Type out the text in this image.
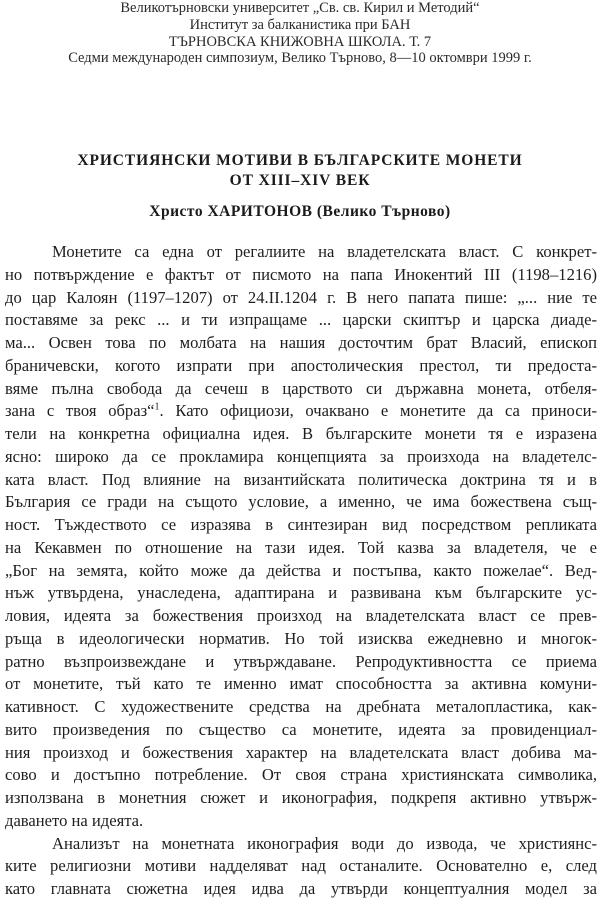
Великотърновски университет „Св. св. Кирил и Методий“
Институт за балканистика при БАН
ТЪРНОВСКА КНИЖОВНА ШКОЛА. Т. 7
Седми международен симпозиум, Велико Търново, 8—10 октомври 1999 г.
ХРИСТИЯНСКИ МОТИВИ В БЪЛГАРСКИТЕ МОНЕТИ
ОТ XIII–XIV ВЕК
Христо ХАРИТОНОВ (Велико Търново)
Монетите са една от регалиите на владетелската власт. С конкрет-
но потвърждение е фактът от писмото на папа Инокентий III (1198–1216)
до цар Калоян (1197–1207) от 24.II.1204 г. В него папата пише: „... ние те
поставяме за рекс ... и ти изпращаме ... царски скиптър и царска диаде-
ма... Освен това по молбата на нашия досточтим брат Власий, епископ
браничевски, когото изпрати при апостолическия престол, ти предоста-
вяме пълна свобода да сечеш в царството си държавна монета, отбеля-
зана с твоя образ“$^1$. Като официози, очаквано е монетите да са приноси-
тели на конкретна официална идея. В българските монети тя е изразена
ясно: широко да се прокламира концепцията за произхода на владетелс-
ката власт. Под влияние на византийската политическа доктрина тя и в
България се гради на същото условие, а именно, че има божествена същ-
ност. Тъждеството се изразява в синтезиран вид посредством репликата
на Кекавмен по отношение на тази идея. Той казва за владетеля, че е
„Бог на земята, който може да действа и постъпва, както пожелае“. Вед-
нъж утвърдена, унаследена, адаптирана и развивана към българските ус-
ловия, идеята за божествения произход на владетелската власт се прев-
ръща в идеологически норматив. Но той изисква ежедневно и многок-
ратно възпроизвеждане и утвърждаване. Репродуктивността се приема
от монетите, тъй като те именно имат способността за активна комуни-
кативност. С художествените средства на дребната металопластика, как-
вито произведения по същество са монетите, идеята за провиденциал-
ния произход и божествения характер на владетелската власт добива ма-
сово и достъпно потребление. От своя страна християнската символика,
използвана в монетния сюжет и иконография, подкрепя активно утвърж-
даването на идеята.
Анализът на монетната иконография води до извода, че християнс-
ките религиозни мотиви надделяват над останалите. Основателно е, след
като главната сюжетна идея идва да утвърди концептуалния модел за
